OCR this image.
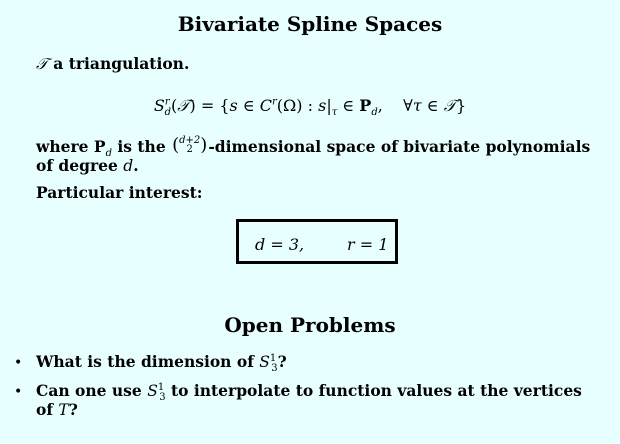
Bivariate Spline Spaces
𝒯 a triangulation.
$S^r_d(𝒯) = \{s$ ∈ $C^r(\Omega)$ : $s|_\tau$ ∈ $P_d$,    ∀τ ∈ 𝒯}
where $P_d$ is the (d+2
2 )-dimensional space of bivariate polynomials
of degree d.
Particular interest:
d = 3,	r = 1
Open Problems
• What is the dimension of $S^1_3$?
• Can one use $S^1_3$ to interpolate to function values at the vertices
of T?
